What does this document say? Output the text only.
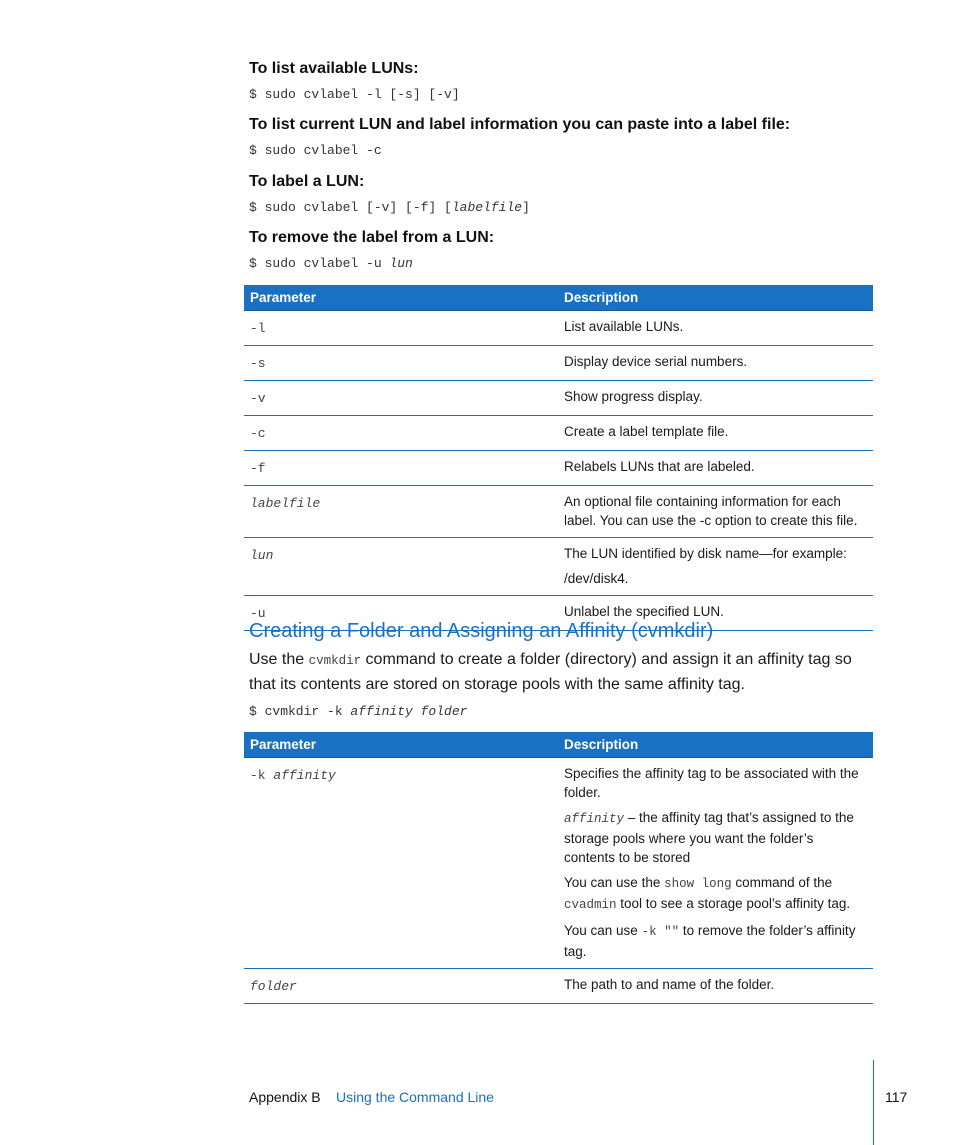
To list available LUNs:

$ sudo cvlabel -l [-s] [-v]

To list current LUN and label information you can paste into a label file:

$ sudo cvlabel -c

To label a LUN:

$ sudo cvlabel [-v] [-f] [labelfile]

To remove the label from a LUN:

$ sudo cvlabel -u lun

Parameter	Description
-l	List available LUNs.
-s	Display device serial numbers.
-v	Show progress display.
-c	Create a label template file.
-f	Relabels LUNs that are labeled.
labelfile	An optional file containing information for each label. You can use the -c option to create this file.
lun	The LUN identified by disk name—for example:

/dev/disk4.

-u	Unlabel the specified LUN.
Creating a Folder and Assigning an Affinity (cvmkdir)

Use the cvmkdir command to create a folder (directory) and assign it an affinity tag so that its contents are stored on storage pools with the same affinity tag.

$ cvmkdir -k affinity folder

Parameter	Description
-k affinity	Specifies the affinity tag to be associated with the folder.

affinity – the affinity tag that’s assigned to the storage pools where you want the folder’s contents to be stored

You can use the show long command of the cvadmin tool to see a storage pool’s affinity tag.

You can use -k "" to remove the folder’s affinity tag.

folder	The path to and name of the folder.
Appendix B Using the Command Line	117
